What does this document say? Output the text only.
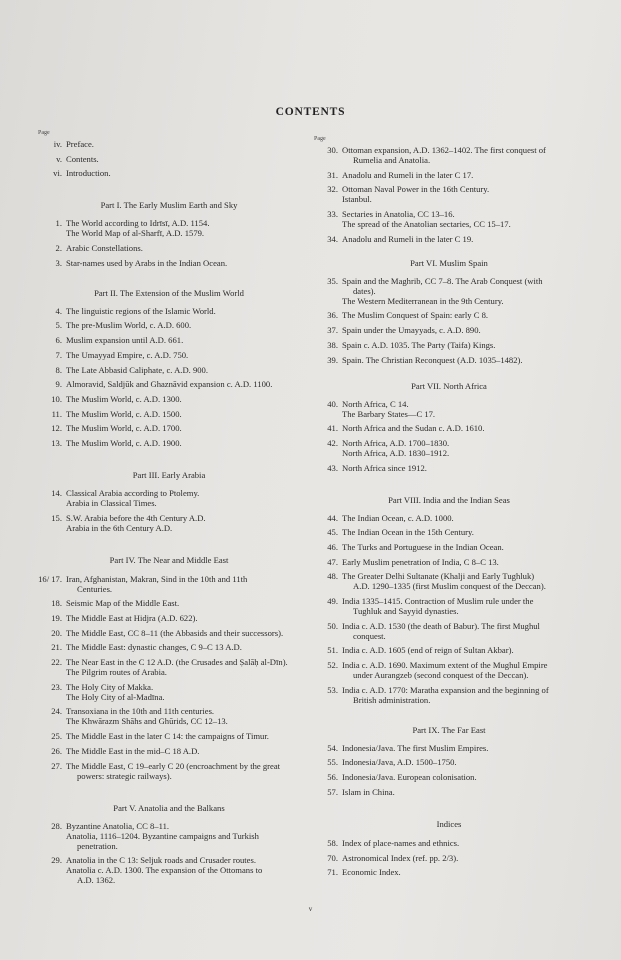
CONTENTS
Page
iv. Preface.
v. Contents.
vi. Introduction.
Part I. The Early Muslim Earth and Sky
1. The World according to Idrīsī, A.D. 1154.
The World Map of al-Sharfī, A.D. 1579.
2. Arabic Constellations.
3. Star-names used by Arabs in the Indian Ocean.
Part II. The Extension of the Muslim World
4. The linguistic regions of the Islamic World.
5. The pre-Muslim World, c. A.D. 600.
6. Muslim expansion until A.D. 661.
7. The Umayyad Empire, c. A.D. 750.
8. The Late Abbasid Caliphate, c. A.D. 900.
9. Almoravid, Saldjūk and Ghaznāvid expansion c. A.D. 1100.
10. The Muslim World, c. A.D. 1300.
11. The Muslim World, c. A.D. 1500.
12. The Muslim World, c. A.D. 1700.
13. The Muslim World, c. A.D. 1900.
Part III. Early Arabia
14. Classical Arabia according to Ptolemy.
Arabia in Classical Times.
15. S.W. Arabia before the 4th Century A.D.
Arabia in the 6th Century A.D.
Part IV. The Near and Middle East
16/ 17. Iran, Afghanistan, Makran, Sind in the 10th and 11th
Centuries.
18. Seismic Map of the Middle East.
19. The Middle East at Hidjra (A.D. 622).
20. The Middle East, CC 8–11 (the Abbasids and their successors).
21. The Middle East: dynastic changes, C 9–C 13 A.D.
22. The Near East in the C 12 A.D. (the Crusades and Ṣalāḥ al-Dīn).
The Pilgrim routes of Arabia.
23. The Holy City of Makka.
The Holy City of al-Madīna.
24. Transoxiana in the 10th and 11th centuries.
The Khwārazm Shāhs and Ghūrids, CC 12–13.
25. The Middle East in the later C 14: the campaigns of Timur.
26. The Middle East in the mid–C 18 A.D.
27. The Middle East, C 19–early C 20 (encroachment by the great
powers: strategic railways).
Part V. Anatolia and the Balkans
28. Byzantine Anatolia, CC 8–11.
Anatolia, 1116–1204. Byzantine campaigns and Turkish
penetration.
29. Anatolia in the C 13: Seljuk roads and Crusader routes.
Anatolia c. A.D. 1300. The expansion of the Ottomans to
A.D. 1362.
Page
30. Ottoman expansion, A.D. 1362–1402. The first conquest of
Rumelia and Anatolia.
31. Anadolu and Rumeli in the later C 17.
32. Ottoman Naval Power in the 16th Century.
Istanbul.
33. Sectaries in Anatolia, CC 13–16.
The spread of the Anatolian sectaries, CC 15–17.
34. Anadolu and Rumeli in the later C 19.
Part VI. Muslim Spain
35. Spain and the Maghrib, CC 7–8. The Arab Conquest (with
dates).
The Western Mediterranean in the 9th Century.
36. The Muslim Conquest of Spain: early C 8.
37. Spain under the Umayyads, c. A.D. 890.
38. Spain c. A.D. 1035. The Party (Taifa) Kings.
39. Spain. The Christian Reconquest (A.D. 1035–1482).
Part VII. North Africa
40. North Africa, C 14.
The Barbary States—C 17.
41. North Africa and the Sudan c. A.D. 1610.
42. North Africa, A.D. 1700–1830.
North Africa, A.D. 1830–1912.
43. North Africa since 1912.
Part VIII. India and the Indian Seas
44. The Indian Ocean, c. A.D. 1000.
45. The Indian Ocean in the 15th Century.
46. The Turks and Portuguese in the Indian Ocean.
47. Early Muslim penetration of India, C 8–C 13.
48. The Greater Delhi Sultanate (Khalji and Early Tughluk)
A.D. 1290–1335 (first Muslim conquest of the Deccan).
49. India 1335–1415. Contraction of Muslim rule under the
Tughluk and Sayyid dynasties.
50. India c. A.D. 1530 (the death of Babur). The first Mughul
conquest.
51. India c. A.D. 1605 (end of reign of Sultan Akbar).
52. India c. A.D. 1690. Maximum extent of the Mughul Empire
under Aurangzeb (second conquest of the Deccan).
53. India c. A.D. 1770: Maratha expansion and the beginning of
British administration.
Part IX. The Far East
54. Indonesia/Java. The first Muslim Empires.
55. Indonesia/Java, A.D. 1500–1750.
56. Indonesia/Java. European colonisation.
57. Islam in China.
Indices
58. Index of place-names and ethnics.
70. Astronomical Index (ref. pp. 2/3).
71. Economic Index.
v
